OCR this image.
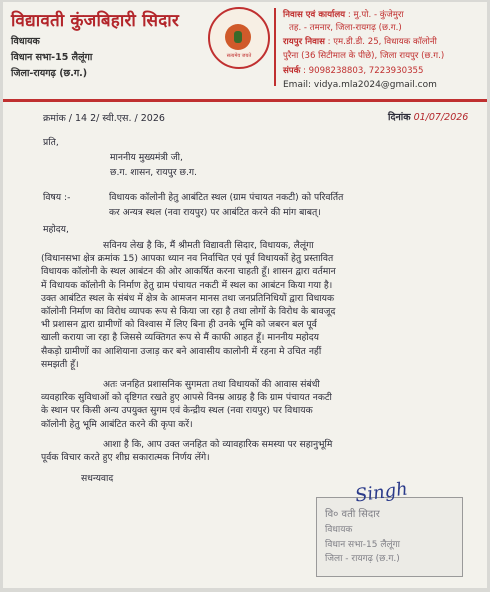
विद्यावती कुंजबिहारी सिदार
विधायक
विधान सभा-15 लैलूंगा
जिला-रायगढ़ (छ.ग.)
सत्यमेव जयते
निवास एवं कार्यालय : मु.पो. - कुंजेमुरा
तह. - तमनार, जिला-रायगढ़ (छ.ग.)
रायपुर निवास : एम.डी.डी. 25, विधायक कॉलोनी
पुरैना (36 सिटीमाल के पीछे), जिला रायपुर (छ.ग.)
संपर्क : 9098238803, 7223930355
Email: vidya.mla2024@gmail.com
क्रमांक / 14 2/ स्वी.एस. / 2026	दिनांक 01/07/2026
प्रति,
माननीय मुख्यमंत्री जी,
छ.ग. शासन, रायपुर छ.ग.
विषय :-	विधायक कॉलोनी हेतु आबंटित स्थल (ग्राम पंचायत नकटी) को परिवर्तित
कर अन्यत्र स्थल (नवा रायपुर) पर आबंटित करने की मांग बाबत्।
महोदय,
सविनय लेख है कि, मैं श्रीमती विद्यावती सिदार, विधायक, लैलूंगा
(विधानसभा क्षेत्र क्रमांक 15) आपका ध्यान नव निर्वाचित एवं पूर्व विधायकों हेतु प्रस्तावित
विधायक कॉलोनी के स्थल आबंटन की ओर आकर्षित करना चाहती हूँ। शासन द्वारा वर्तमान
में विधायक कॉलोनी के निर्माण हेतु ग्राम पंचायत नकटी में स्थल का आबंटन किया गया है।
उक्त आबंटित स्थल के संबंध में क्षेत्र के आमजन मानस तथा जनप्रतिनिधियों द्वारा विधायक
कॉलोनी निर्माण का विरोध व्यापक रूप से किया जा रहा है तथा लोगों के विरोध के बावजूद
भी प्रशासन द्वारा ग्रामीणों को विश्वास में लिए बिना ही उनके भूमि को जबरन बल पूर्व
खाली कराया जा रहा है जिससे व्यक्तिगत रूप से मैं काफी आहत हूँ। माननीय महोदय
सैकड़ो ग्रामीणों का आशियाना उजाड़ कर बने आवासीय कालोनी में रहना मे उचित नहीं
समझती हूँ।
अतः जनहित प्रशासनिक सुगमता तथा विधायकों की आवास संबंधी
व्यवहारिक सुविधाओं को दृष्टिगत रखते हुए आपसे विनम्र आग्रह है कि ग्राम पंचायत नकटी
के स्थान पर किसी अन्य उपयुक्त सुगम एवं केन्द्रीय स्थल (नवा रायपुर) पर विधायक
कॉलोनी हेतु भूमि आबंटित करने की कृपा करें।
आशा है कि, आप उक्त जनहित को व्यावहारिक समस्या पर सहानुभूमि
पूर्वक विचार करते हुए शीघ्र सकारात्मक निर्णय लेंगे।
सधन्यवाद	Singh
वि० वती सिदार
विधायक
विधान सभा-15 लैलूंगा
जिला - रायगढ़ (छ.ग.)
